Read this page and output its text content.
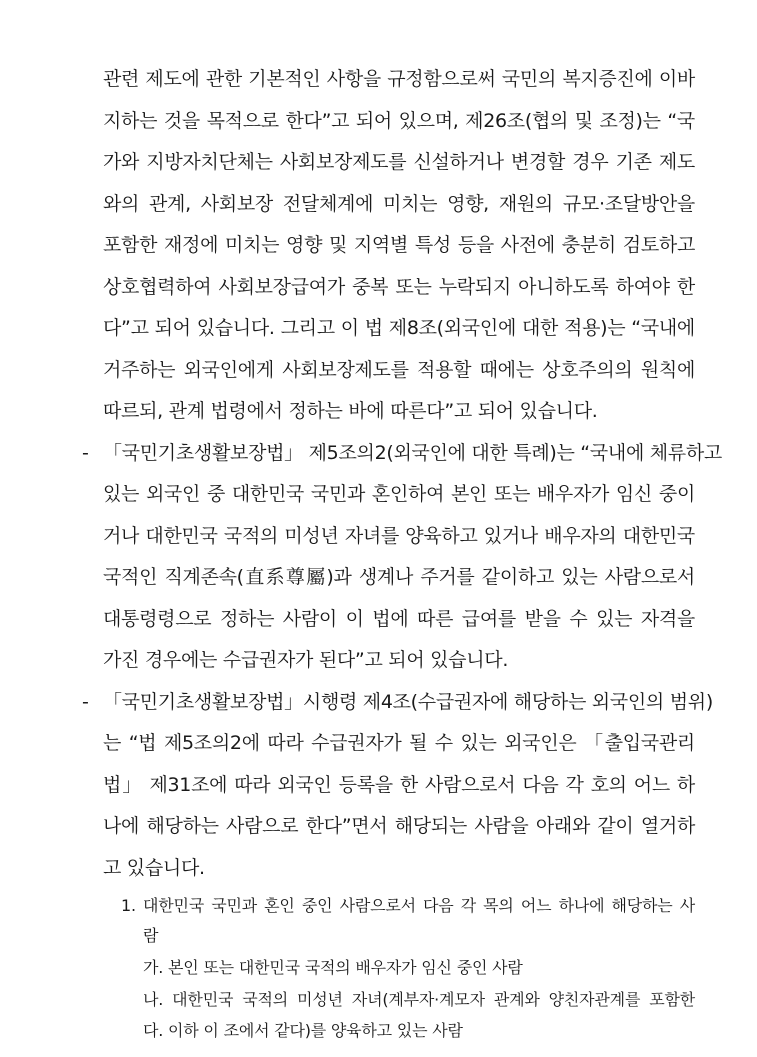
관련 제도에 관한 기본적인 사항을 규정함으로써 국민의 복지증진에 이바
지하는 것을 목적으로 한다”고 되어 있으며, 제26조(협의 및 조정)는 “국
가와 지방자치단체는 사회보장제도를 신설하거나 변경할 경우 기존 제도
와의 관계, 사회보장 전달체계에 미치는 영향, 재원의 규모·조달방안을
포함한 재정에 미치는 영향 및 지역별 특성 등을 사전에 충분히 검토하고
상호협력하여 사회보장급여가 중복 또는 누락되지 아니하도록 하여야 한
다”고 되어 있습니다. 그리고 이 법 제8조(외국인에 대한 적용)는 “국내에
거주하는 외국인에게 사회보장제도를 적용할 때에는 상호주의의 원칙에
따르되, 관계 법령에서 정하는 바에 따른다”고 되어 있습니다.
- 「국민기초생활보장법」 제5조의2(외국인에 대한 특례)는 “국내에 체류하고
있는 외국인 중 대한민국 국민과 혼인하여 본인 또는 배우자가 임신 중이
거나 대한민국 국적의 미성년 자녀를 양육하고 있거나 배우자의 대한민국
국적인 직계존속(直系尊屬)과 생계나 주거를 같이하고 있는 사람으로서
대통령령으로 정하는 사람이 이 법에 따른 급여를 받을 수 있는 자격을
가진 경우에는 수급권자가 된다”고 되어 있습니다.
- 「국민기초생활보장법」시행령 제4조(수급권자에 해당하는 외국인의 범위)
는 “법 제5조의2에 따라 수급권자가 될 수 있는 외국인은 「출입국관리
법」 제31조에 따라 외국인 등록을 한 사람으로서 다음 각 호의 어느 하
나에 해당하는 사람으로 한다”면서 해당되는 사람을 아래와 같이 열거하
고 있습니다.
1. 대한민국 국민과 혼인 중인 사람으로서 다음 각 목의 어느 하나에 해당하는 사
람
가. 본인 또는 대한민국 국적의 배우자가 임신 중인 사람
나. 대한민국 국적의 미성년 자녀(계부자·계모자 관계와 양친자관계를 포함한
다. 이하 이 조에서 같다)를 양육하고 있는 사람
